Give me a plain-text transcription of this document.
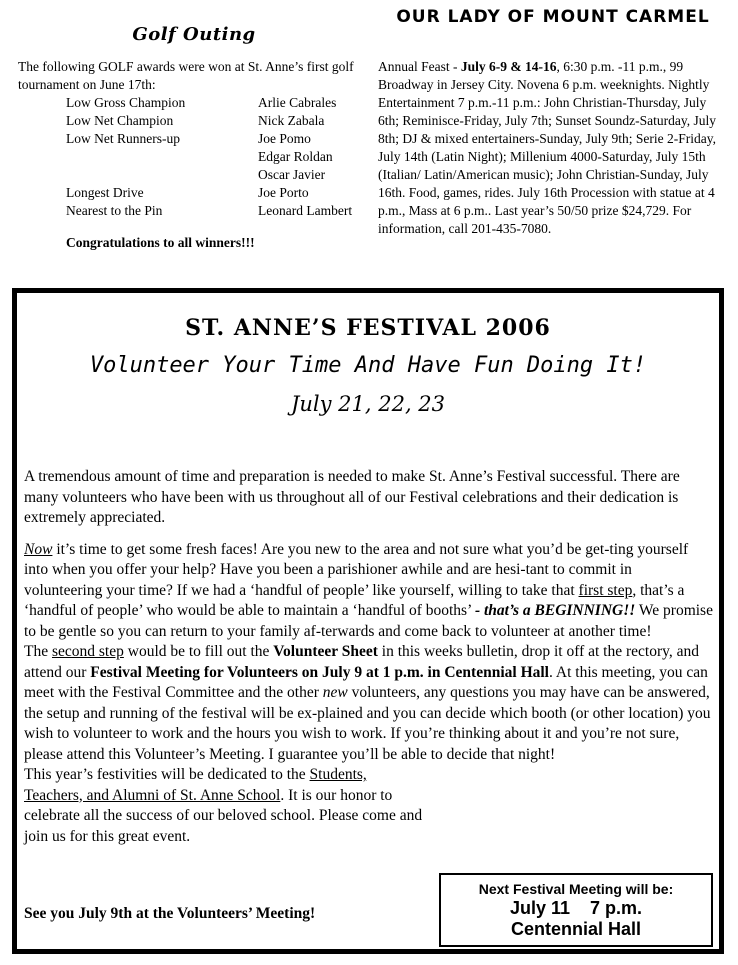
Golf Outing

The following GOLF awards were won at St. Anne’s first golf tournament on June 17th:

Low Gross Champion	Arlie Cabrales
Low Net Champion	Nick Zabala
Low Net Runners-up	Joe Pomo
Edgar Roldan
Oscar Javier
Longest Drive	Joe Porto
Nearest to the Pin	Leonard Lambert
Congratulations to all winners!!!
OUR LADY OF MOUNT CARMEL

Annual Feast - July 6-9 & 14-16, 6:30 p.m. -11 p.m., 99 Broadway in Jersey City. Novena 6 p.m. weeknights. Nightly Entertainment 7 p.m.-11 p.m.: John Christian-Thursday, July 6th; Reminisce-Friday, July 7th; Sunset Soundz-Saturday, July 8th; DJ & mixed entertainers-Sunday, July 9th; Serie 2-Friday, July 14th (Latin Night); Millenium 4000-Saturday, July 15th (Italian/ Latin/American music); John Christian-Sunday, July 16th. Food, games, rides. July 16th Procession with statue at 4 p.m., Mass at 6 p.m.. Last year’s 50/50 prize $24,729. For information, call 201-435-7080.

ST. ANNE’S FESTIVAL 2006
Volunteer Your Time And Have Fun Doing It!
July 21, 22, 23

A tremendous amount of time and preparation is needed to make St. Anne’s Festival successful. There are many volunteers who have been with us throughout all of our Festival celebrations and their dedication is extremely appreciated.

Now it’s time to get some fresh faces! Are you new to the area and not sure what you’d be get-ting yourself into when you offer your help? Have you been a parishioner awhile and are hesi-tant to commit in volunteering your time? If we had a ‘handful of people’ like yourself, willing to take that first step, that’s a ‘handful of people’ who would be able to maintain a ‘handful of booths’ - that’s a BEGINNING!! We promise to be gentle so you can return to your family af-terwards and come back to volunteer at another time!

The second step would be to fill out the Volunteer Sheet in this weeks bulletin, drop it off at the rectory, and attend our Festival Meeting for Volunteers on July 9 at 1 p.m. in Centennial Hall. At this meeting, you can meet with the Festival Committee and the other new volunteers, any questions you may have can be answered, the setup and running of the festival will be ex-plained and you can decide which booth (or other location) you wish to volunteer to work and the hours you wish to work. If you’re thinking about it and you’re not sure, please attend this Volunteer’s Meeting. I guarantee you’ll be able to decide that night!

This year’s festivities will be dedicated to the Students, Teachers, and Alumni of St. Anne School. It is our honor to celebrate all the success of our beloved school. Please come and join us for this great event.

See you July 9th at the Volunteers’ Meeting!
Next Festival Meeting will be:
July 11    7 p.m.
Centennial Hall
